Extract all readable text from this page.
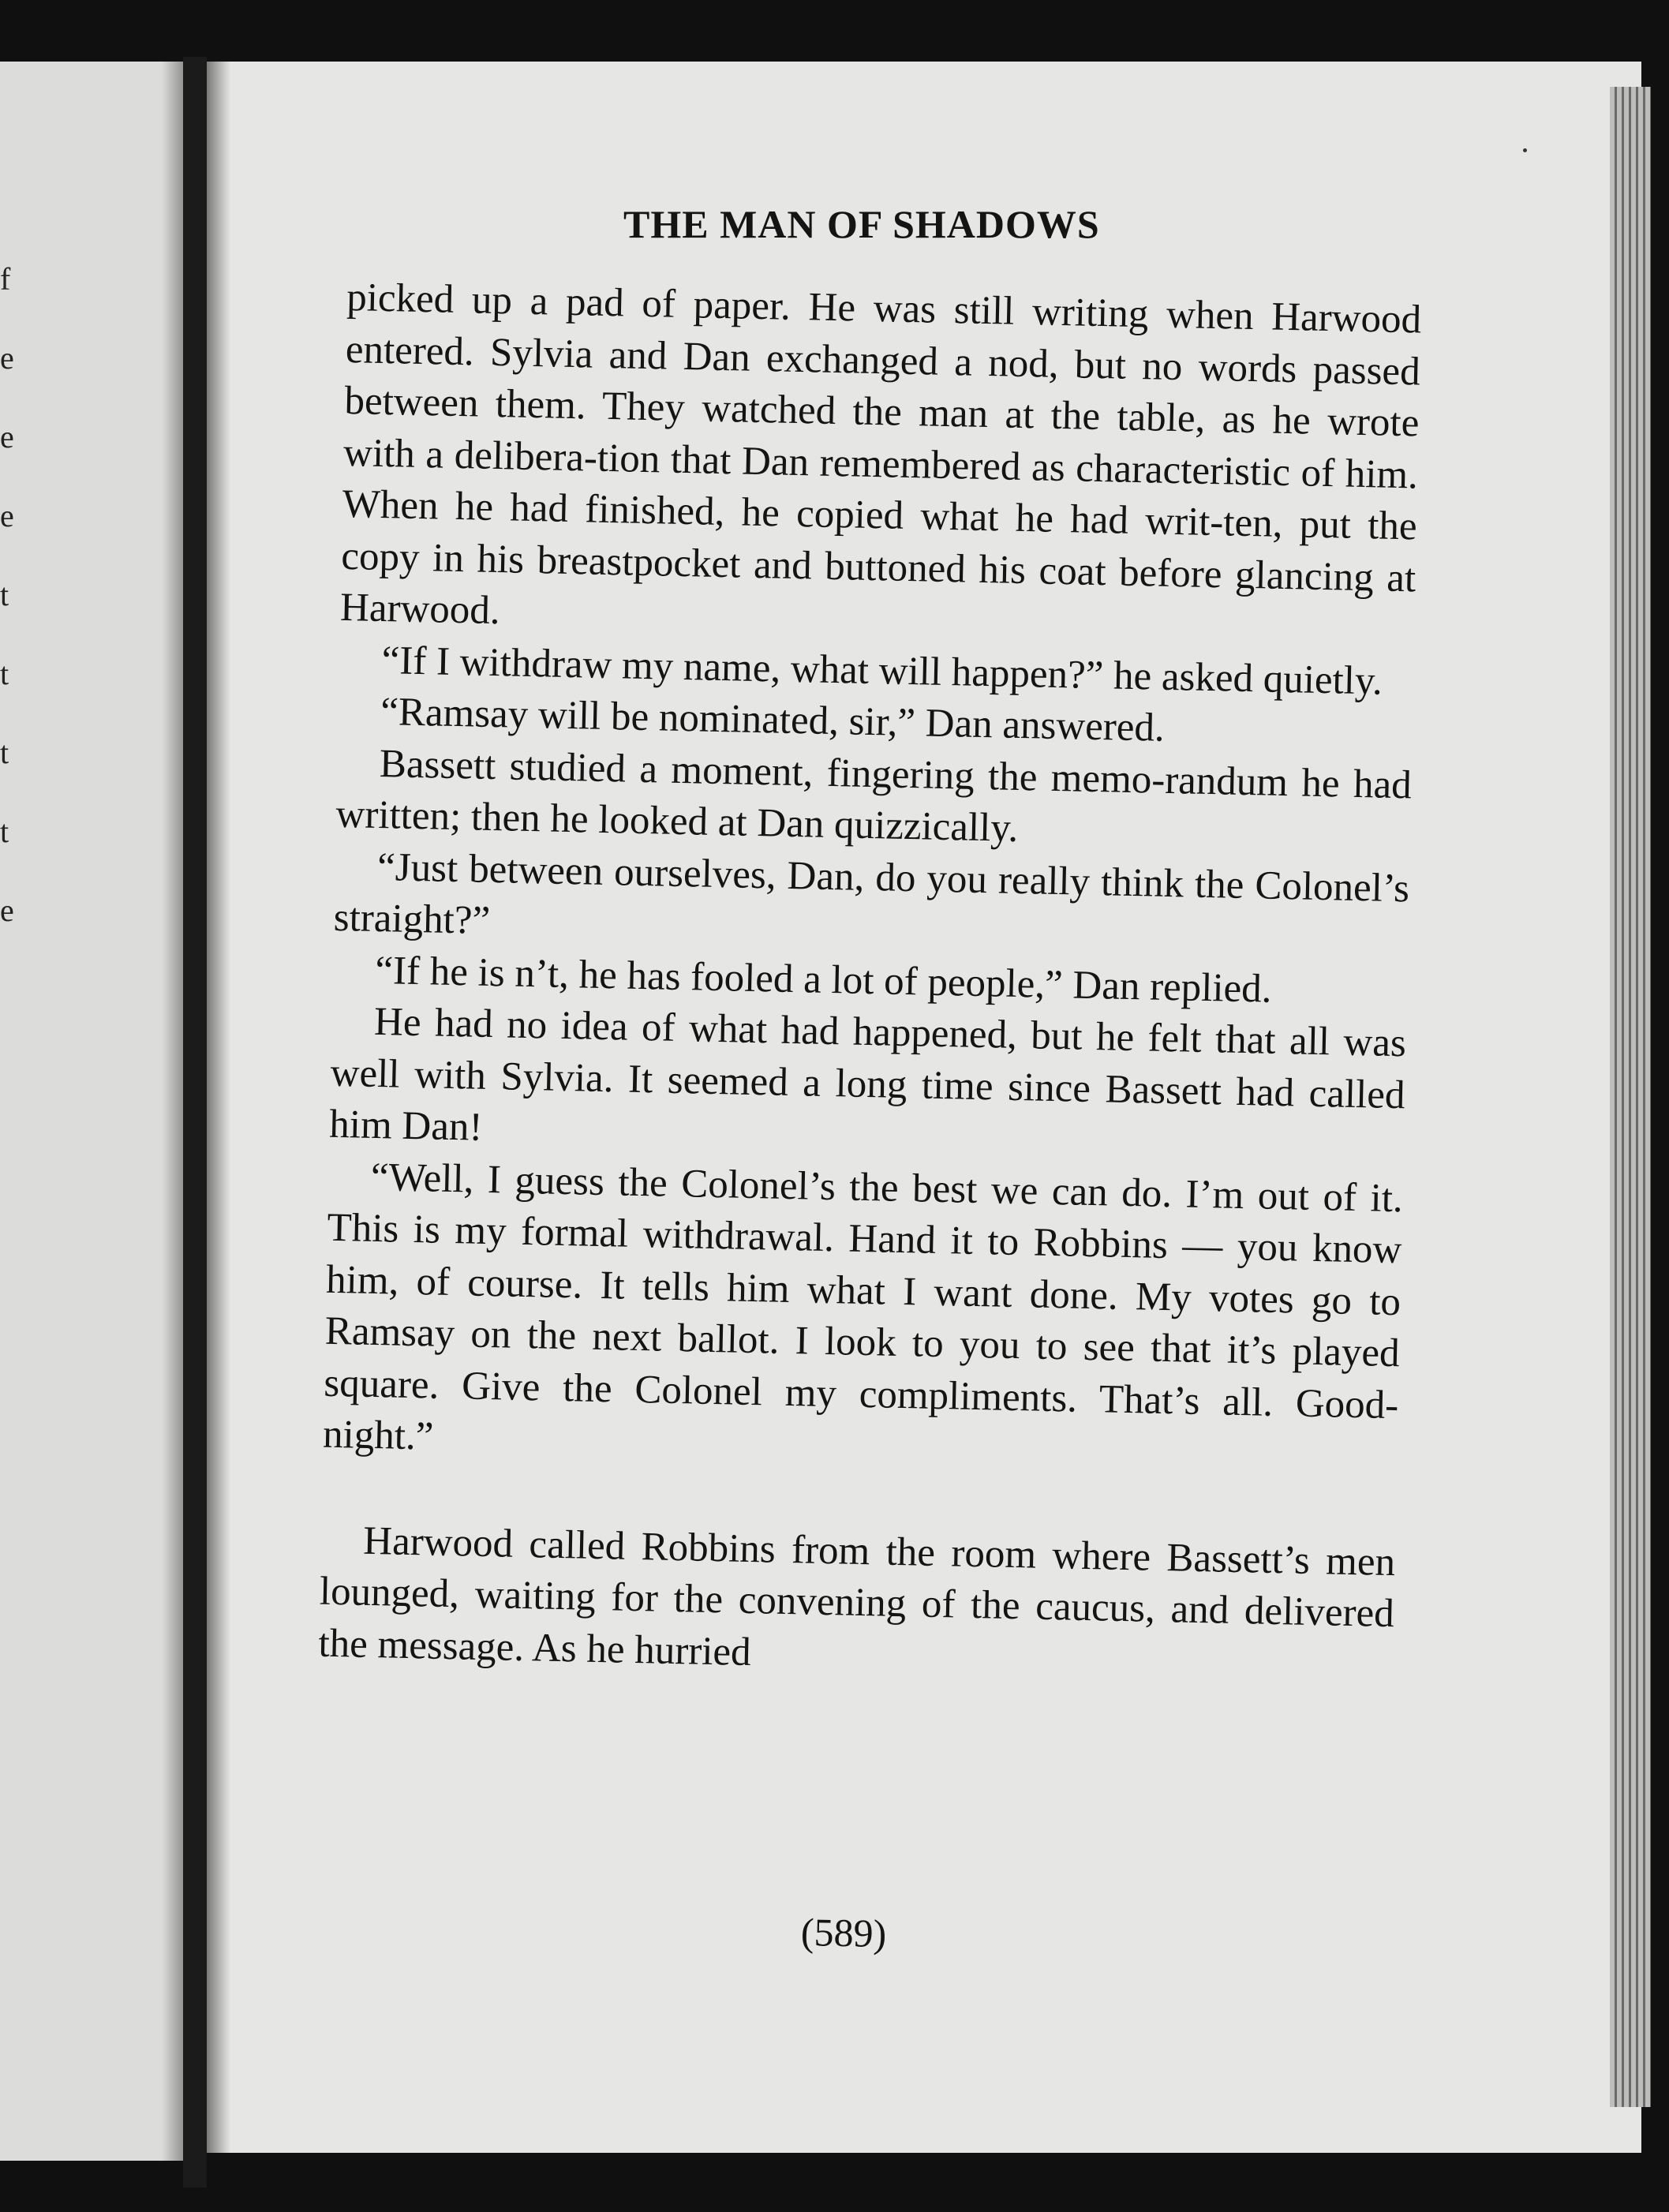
f
e
e
e
t
t
t
t
e
THE MAN OF SHADOWS

picked up a pad of paper. He was still writing when Harwood entered. Sylvia and Dan exchanged a nod, but no words passed between them. They watched the man at the table, as he wrote with a delibera-tion that Dan remembered as characteristic of him. When he had finished, he copied what he had writ-ten, put the copy in his breastpocket and buttoned his coat before glancing at Harwood.

“If I withdraw my name, what will happen?” he asked quietly.

“Ramsay will be nominated, sir,” Dan answered.

Bassett studied a moment, fingering the memo-randum he had written; then he looked at Dan quizzically.

“Just between ourselves, Dan, do you really think the Colonel’s straight?”

“If he is n’t, he has fooled a lot of people,” Dan replied.

He had no idea of what had happened, but he felt that all was well with Sylvia. It seemed a long time since Bassett had called him Dan!

“Well, I guess the Colonel’s the best we can do. I’m out of it. This is my formal withdrawal. Hand it to Robbins — you know him, of course. It tells him what I want done. My votes go to Ramsay on the next ballot. I look to you to see that it’s played square. Give the Colonel my compliments. That’s all. Good-night.”

Harwood called Robbins from the room where Bassett’s men lounged, waiting for the convening of the caucus, and delivered the message. As he hurried

(589)
